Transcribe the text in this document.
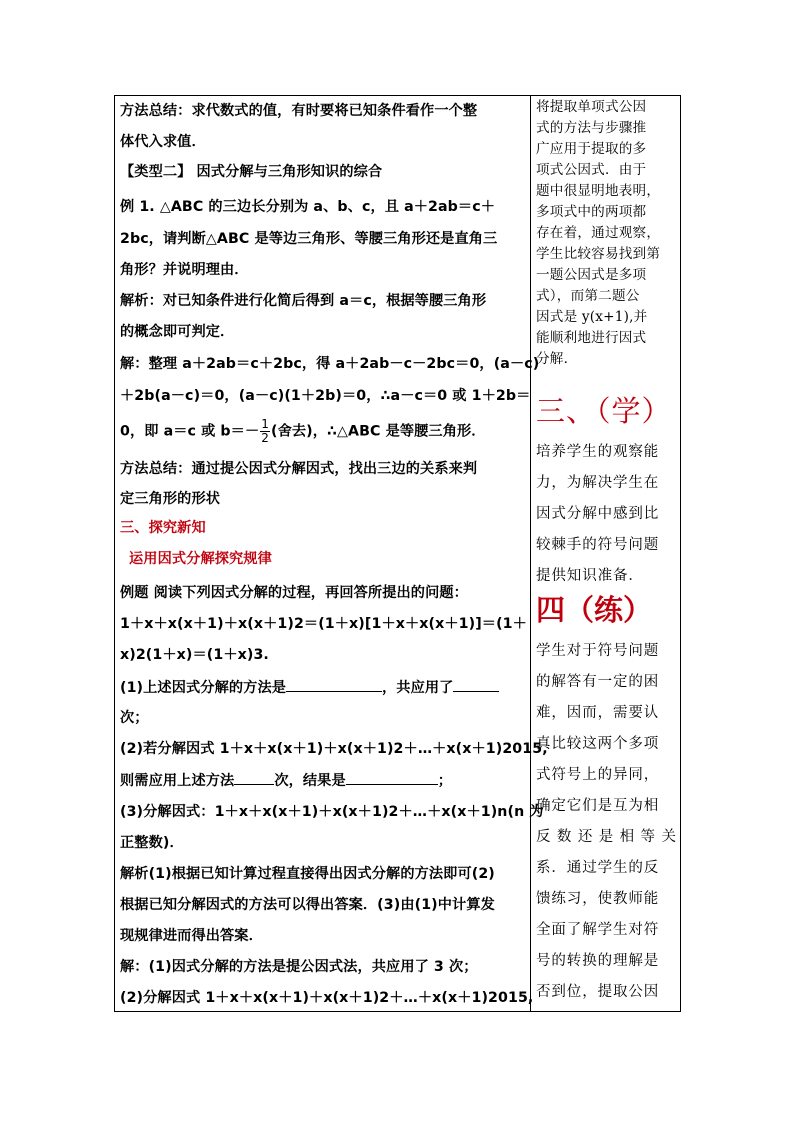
方法总结：求代数式的值，有时要将已知条件看作一个整
体代入求值．
【类型二】 因式分解与三角形知识的综合
例 1. △ABC 的三边长分别为 a、b、c，且 a＋2ab＝c＋
2bc，请判断△ABC 是等边三角形、等腰三角形还是直角三
角形？并说明理由．
解析：对已知条件进行化简后得到 a＝c，根据等腰三角形
的概念即可判定．
解：整理 a＋2ab＝c＋2bc，得 a＋2ab－c－2bc＝0，(a－c)
＋2b(a－c)＝0，(a－c)(1＋2b)＝0，∴a－c＝0 或 1＋2b＝
0，即 a＝c 或 $b=- \frac{1}{2}$ (舍去)，∴△ABC 是等腰三角形．
方法总结：通过提公因式分解因式，找出三边的关系来判
定三角形的形状
三、探究新知
运用因式分解探究规律
例题 阅读下列因式分解的过程，再回答所提出的问题：
1＋x＋x(x＋1)＋x(x＋1)2＝(1＋x)[1＋x＋x(x＋1)]＝(1＋
x)2(1＋x)＝(1＋x)3.
(1)上述因式分解的方法是	，共应用了
次；
(2)若分解因式 1＋x＋x(x＋1)＋x(x＋1)2＋…＋x(x＋1)2015,
则需应用上述方法	次，结果是	；
(3)分解因式：1＋x＋x(x＋1)＋x(x＋1)2＋…＋x(x＋1)n(n 为
正整数)．
解析(1)根据已知计算过程直接得出因式分解的方法即可(2)
根据已知分解因式的方法可以得出答案．(3)由(1)中计算发
现规律进而得出答案．
解：(1)因式分解的方法是提公因式法，共应用了 3 次；
(2)分解因式 1＋x＋x(x＋1)＋x(x＋1)2＋…＋x(x＋1)2015,
将提取单项式公因
式的方法与步骤推
广应用于提取的多
项式公因式．由于
题中很显明地表明，
多项式中的两项都
存在着，通过观察，
学生比较容易找到第
一题公因式是多项
式），而第二题公
因式是 y(x+1),并
能顺利地进行因式
分解．
三、（学）
培养学生的观察能
力，为解决学生在
因式分解中感到比
较棘手的符号问题
提供知识准备．
四（练）
学生对于符号问题
的解答有一定的困
难，因而，需要认
真比较这两个多项
式符号上的异同，
确定它们是互为相
反 数 还 是 相 等 关
系．通过学生的反
馈练习，使教师能
全面了解学生对符
号的转换的理解是
否到位，提取公因
